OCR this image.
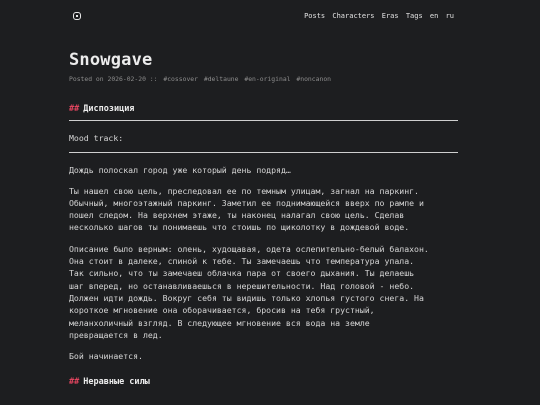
Posts Characters Eras Tags en ru
Snowgave
Posted on 2026-02-20 :: #cossover #deltaune #en-original #noncanon
## Диспозиция

Mood track:

Дождь полоскал город уже который день подряд…

Ты нашел свою цель, преследовал ее по темным улицам, загнал на паркинг.

Обычный, многоэтажный паркинг. Заметил ее поднимающейся вверх по рампе и

пошел следом. На верхнем этаже, ты наконец налагал свою цель. Сделав

несколько шагов ты понимаешь что стоишь по щиколотку в дождевой воде.

Описание было верным: олень, худощавая, одета ослепительно-белый балахон.

Она стоит в далеке, спиной к тебе. Ты замечаешь что температура упала.

Так сильно, что ты замечаеш облачка пара от своего дыхания. Ты делаешь

шаг вперед, но останавливаешься в нерешительности. Над головой - небо.

Должен идти дождь. Вокруг себя ты видишь только хлопья густого снега. На

короткое мгновение она оборачивается, бросив на тебя грустный,

меланхоличный взгляд. В следующее мгновение вся вода на земле

превращается в лед.

Бой начинается.

## Неравные силы
